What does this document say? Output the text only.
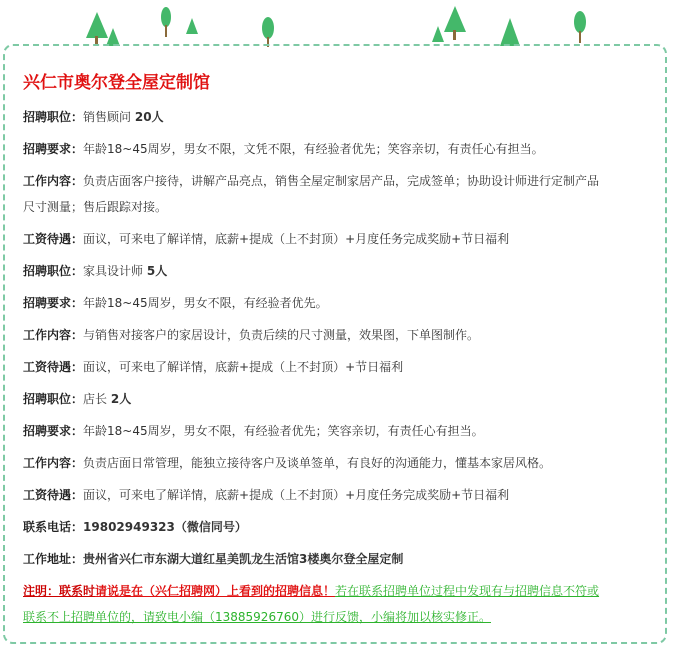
兴仁市奥尔登全屋定制馆
招聘职位：销售顾问 20人
招聘要求：年龄18~45周岁，男女不限，文凭不限，有经验者优先；笑容亲切，有责任心有担当。
工作内容：负责店面客户接待，讲解产品亮点，销售全屋定制家居产品，完成签单；协助设计师进行定制产品
尺寸测量；售后跟踪对接。
工资待遇：面议，可来电了解详情，底薪+提成（上不封顶）+月度任务完成奖励+节日福利
招聘职位：家具设计师 5人
招聘要求：年龄18~45周岁，男女不限，有经验者优先。
工作内容：与销售对接客户的家居设计，负责后续的尺寸测量，效果图，下单图制作。
工资待遇：面议，可来电了解详情，底薪+提成（上不封顶）+节日福利
招聘职位：店长 2人
招聘要求：年龄18~45周岁，男女不限，有经验者优先；笑容亲切，有责任心有担当。
工作内容：负责店面日常管理，能独立接待客户及谈单签单，有良好的沟通能力，懂基本家居风格。
工资待遇：面议，可来电了解详情，底薪+提成（上不封顶）+月度任务完成奖励+节日福利
联系电话：19802949323（微信同号）
工作地址：贵州省兴仁市东湖大道红星美凯龙生活馆3楼奥尔登全屋定制
注明：联系时请说是在（兴仁招聘网）上看到的招聘信息！若在联系招聘单位过程中发现有与招聘信息不符或
联系不上招聘单位的，请致电小编（13885926760）进行反馈，小编将加以核实修正。
